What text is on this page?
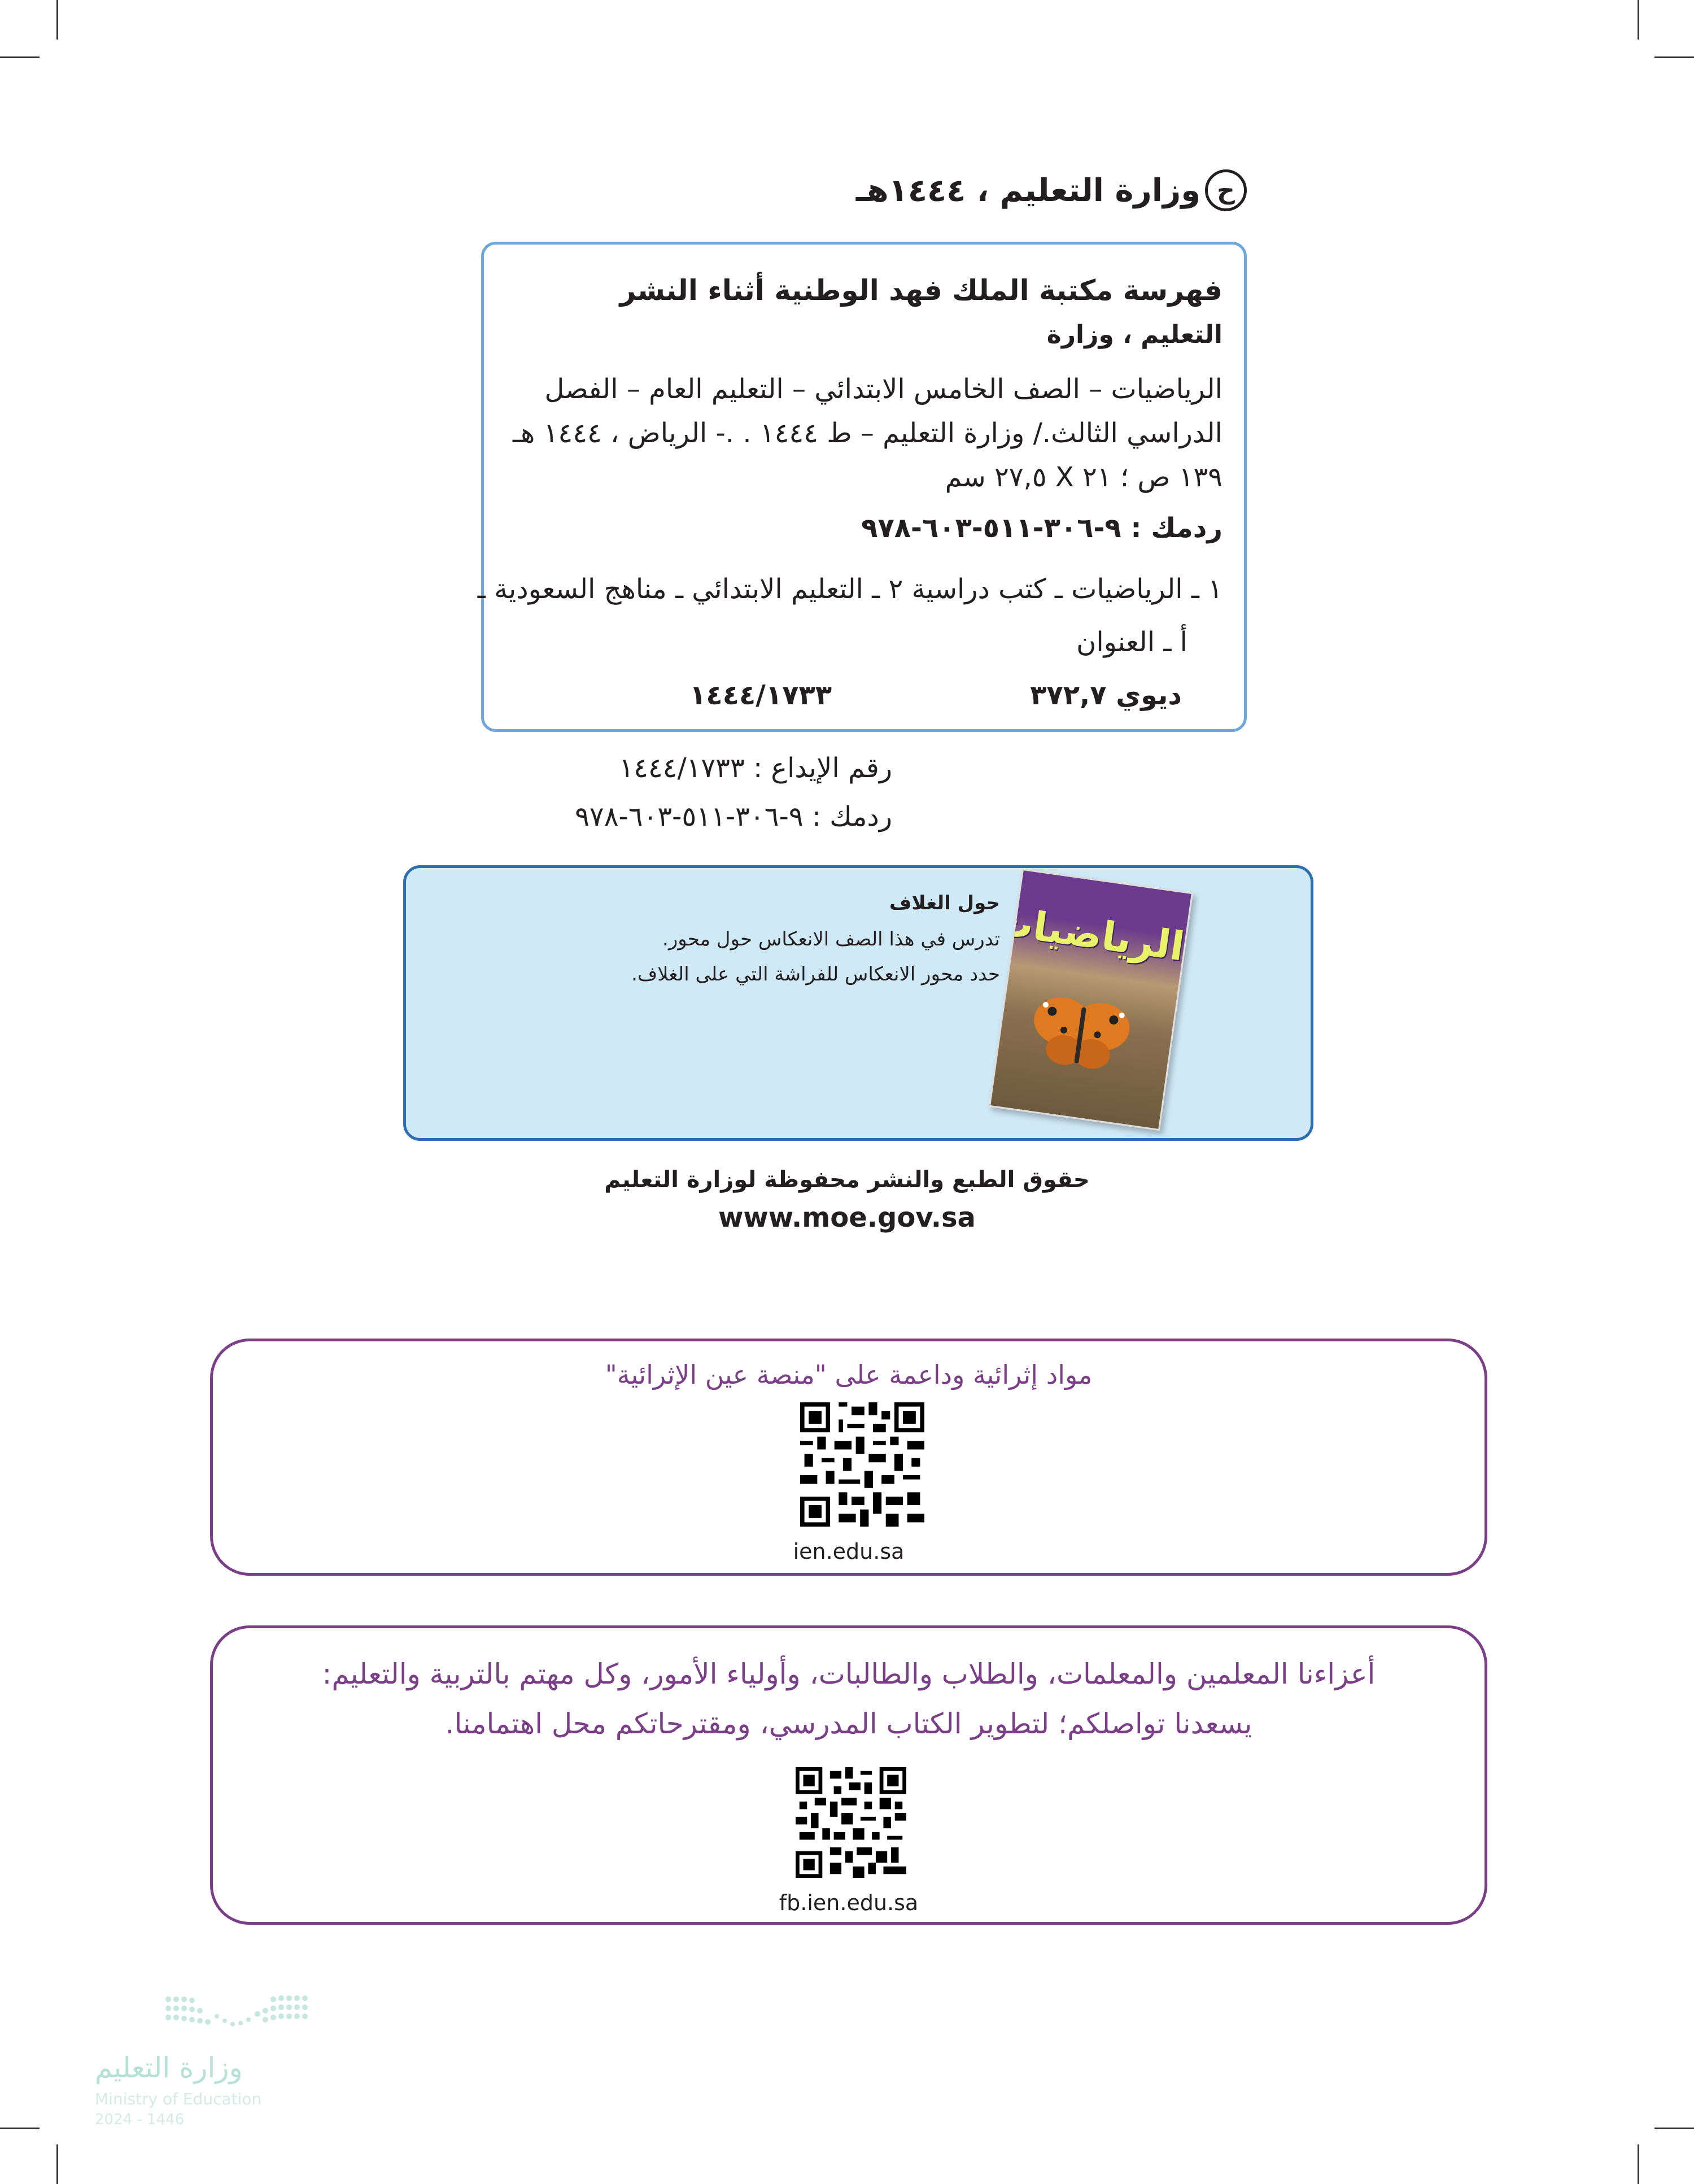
ح
وزارة التعليم ، ١٤٤٤هـ
فهرسة مكتبة الملك فهد الوطنية أثناء النشر
التعليم ، وزارة
الرياضيات – الصف الخامس الابتدائي – التعليم العام – الفصل
الدراسي الثالث./ وزارة التعليم – ط ١٤٤٤ . .- الرياض ، ١٤٤٤ هـ
١٣٩ ص ؛ ٢١ X ٢٧,٥ سم
ردمك : ٩-٣٠٦-٥١١-٦٠٣-٩٧٨
١ ـ الرياضيات ـ كتب دراسية ٢ ـ التعليم الابتدائي ـ مناهج السعودية ـ
أ ـ العنوان
ديوي ٣٧٢,٧
١٤٤٤/١٧٣٣
رقم الإيداع : ١٤٤٤/١٧٣٣
ردمك : ٩-٣٠٦-٥١١-٦٠٣-٩٧٨
حول الغلاف
تدرس في هذا الصف الانعكاس حول محور.
حدد محور الانعكاس للفراشة التي على الغلاف.
الرياضيات
حقوق الطبع والنشر محفوظة لوزارة التعليم
www.moe.gov.sa
مواد إثرائية وداعمة على "منصة عين الإثرائية"
ien.edu.sa
أعزاءنا المعلمين والمعلمات، والطلاب والطالبات، وأولياء الأمور، وكل مهتم بالتربية والتعليم:
يسعدنا تواصلكم؛ لتطوير الكتاب المدرسي، ومقترحاتكم محل اهتمامنا.
fb.ien.edu.sa
وزارة التعليم
Ministry of Education
2024 - 1446
